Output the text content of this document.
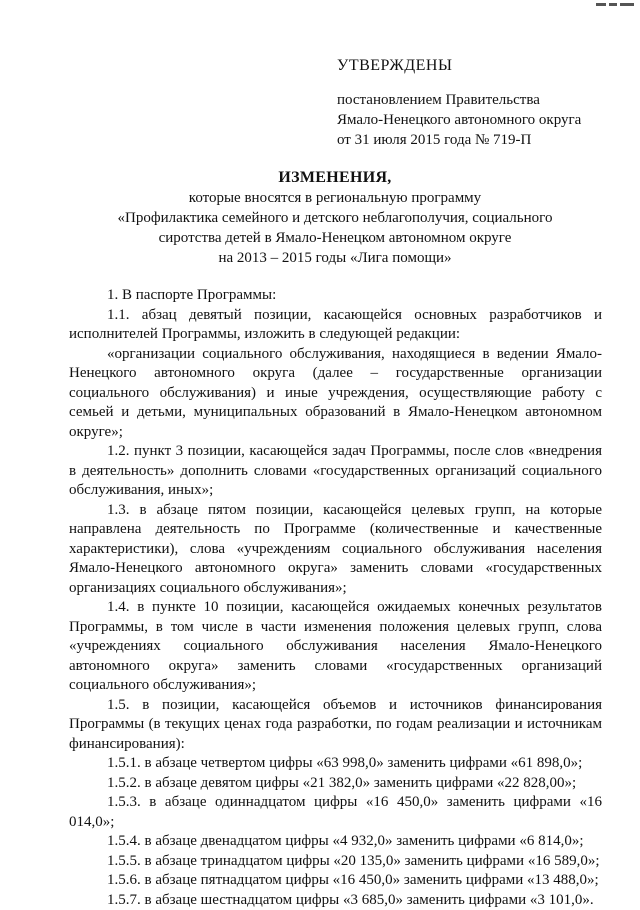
УТВЕРЖДЕНЫ
постановлением Правительства
Ямало-Ненецкого автономного округа
от 31 июля 2015 года № 719-П
ИЗМЕНЕНИЯ,
которые вносятся в региональную программу
«Профилактика семейного и детского неблагополучия, социального
сиротства детей в Ямало-Ненецком автономном округе
на 2013 – 2015 годы «Лига помощи»

1. В паспорте Программы:

1.1. абзац девятый позиции, касающейся основных разработчиков и исполнителей Программы, изложить в следующей редакции:

«организации социального обслуживания, находящиеся в ведении Ямало-Ненецкого автономного округа (далее – государственные организации социального обслуживания) и иные учреждения, осуществляющие работу с семьей и детьми, муниципальных образований в Ямало-Ненецком автономном округе»;

1.2. пункт 3 позиции, касающейся задач Программы, после слов «внедрения в деятельность» дополнить словами «государственных организаций социального обслуживания, иных»;

1.3. в абзаце пятом позиции, касающейся целевых групп, на которые направлена деятельность по Программе (количественные и качественные характеристики), слова «учреждениям социального обслуживания населения Ямало-Ненецкого автономного округа» заменить словами «государственных организациях социального обслуживания»;

1.4. в пункте 10 позиции, касающейся ожидаемых конечных результатов Программы, в том числе в части изменения положения целевых групп, слова «учреждениях социального обслуживания населения Ямало-Ненецкого автономного округа» заменить словами «государственных организаций социального обслуживания»;

1.5. в позиции, касающейся объемов и источников финансирования Программы (в текущих ценах года разработки, по годам реализации и источникам финансирования):

1.5.1. в абзаце четвертом цифры «63 998,0» заменить цифрами «61 898,0»;

1.5.2. в абзаце девятом цифры «21 382,0» заменить цифрами «22 828,00»;

1.5.3. в абзаце одиннадцатом цифры «16 450,0» заменить цифрами «16 014,0»;

1.5.4. в абзаце двенадцатом цифры «4 932,0» заменить цифрами «6 814,0»;

1.5.5. в абзаце тринадцатом цифры «20 135,0» заменить цифрами «16 589,0»;

1.5.6. в абзаце пятнадцатом цифры «16 450,0» заменить цифрами «13 488,0»;

1.5.7. в абзаце шестнадцатом цифры «3 685,0» заменить цифрами «3 101,0».
